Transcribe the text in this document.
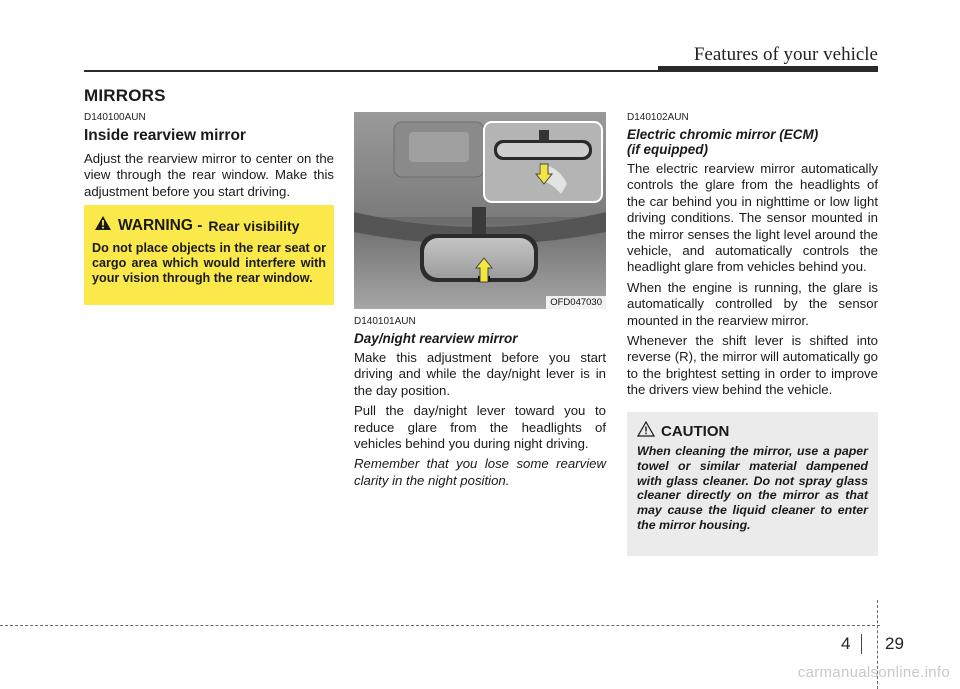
Features of your vehicle
MIRRORS
D140100AUN
Inside rearview mirror
Adjust the rearview mirror to center on the view through the rear window. Make this adjustment before you start driving.
WARNING - Rear visibility
Do not place objects in the rear seat or cargo area which would interfere with your vision through the rear window.
OFD047030
D140101AUN
Day/night rearview mirror
Make this adjustment before you start driving and while the day/night lever is in the day position.
Pull the day/night lever toward you to reduce glare from the headlights of vehicles behind you during night driving.
Remember that you lose some rearview clarity in the night position.
D140102AUN
Electric chromic mirror (ECM)
(if equipped)
The electric rearview mirror automatically controls the glare from the headlights of the car behind you in nighttime or low light driving conditions. The sensor mounted in the mirror senses the light level around the vehicle, and automatically controls the headlight glare from vehicles behind you.
When the engine is running, the glare is automatically controlled by the sensor mounted in the rearview mirror.
Whenever the shift lever is shifted into reverse (R), the mirror will automatically go to the brightest setting in order to improve the drivers view behind the vehicle.
CAUTION
When cleaning the mirror, use a paper towel or similar material dampened with glass cleaner. Do not spray glass cleaner directly on the mirror as that may cause the liquid cleaner to enter the mirror housing.
4 29
carmanualsonline.info
